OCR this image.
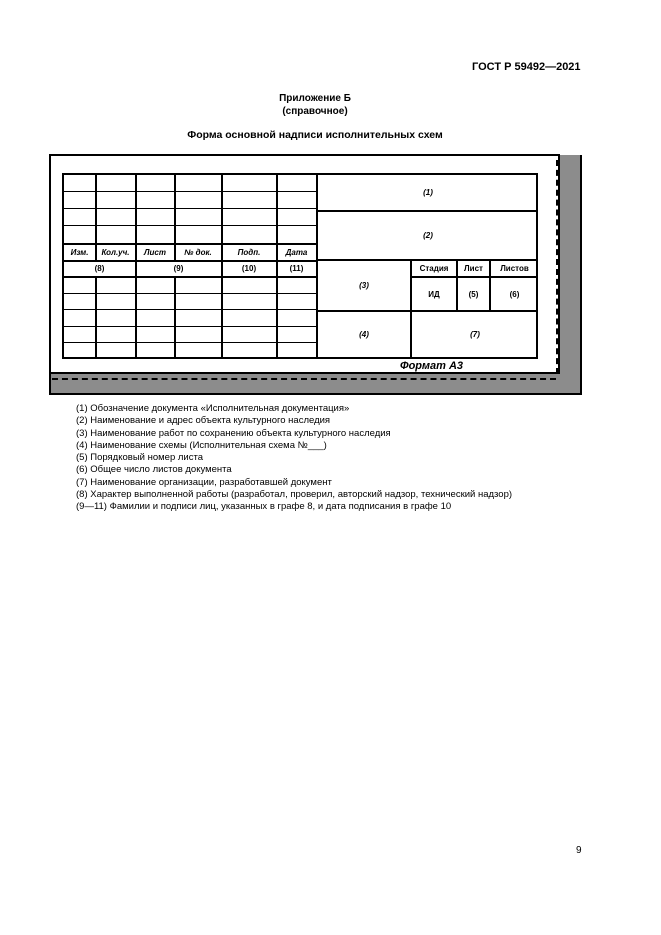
ГОСТ Р 59492—2021
Приложение Б
(справочное)
Форма основной надписи исполнительных схем
Изм.	Кол.уч.	Лист	№ док.	Подп.	Дата
(8)	(9)	(10)	(11)
(1)
(2)
(3)
Стадия	Лист	Листов
ИД	(5)	(6)
(4)	(7)
Формат А3
(1) Обозначение документа «Исполнительная документация»
(2) Наименование и адрес объекта культурного наследия
(3) Наименование работ по сохранению объекта культурного наследия
(4) Наименование схемы (Исполнительная схема №___)
(5) Порядковый номер листа
(6) Общее число листов документа
(7) Наименование организации, разработавшей документ
(8) Характер выполненной работы (разработал, проверил, авторский надзор, технический надзор)
(9—11) Фамилии и подписи лиц, указанных в графе 8, и дата подписания в графе 10
9
